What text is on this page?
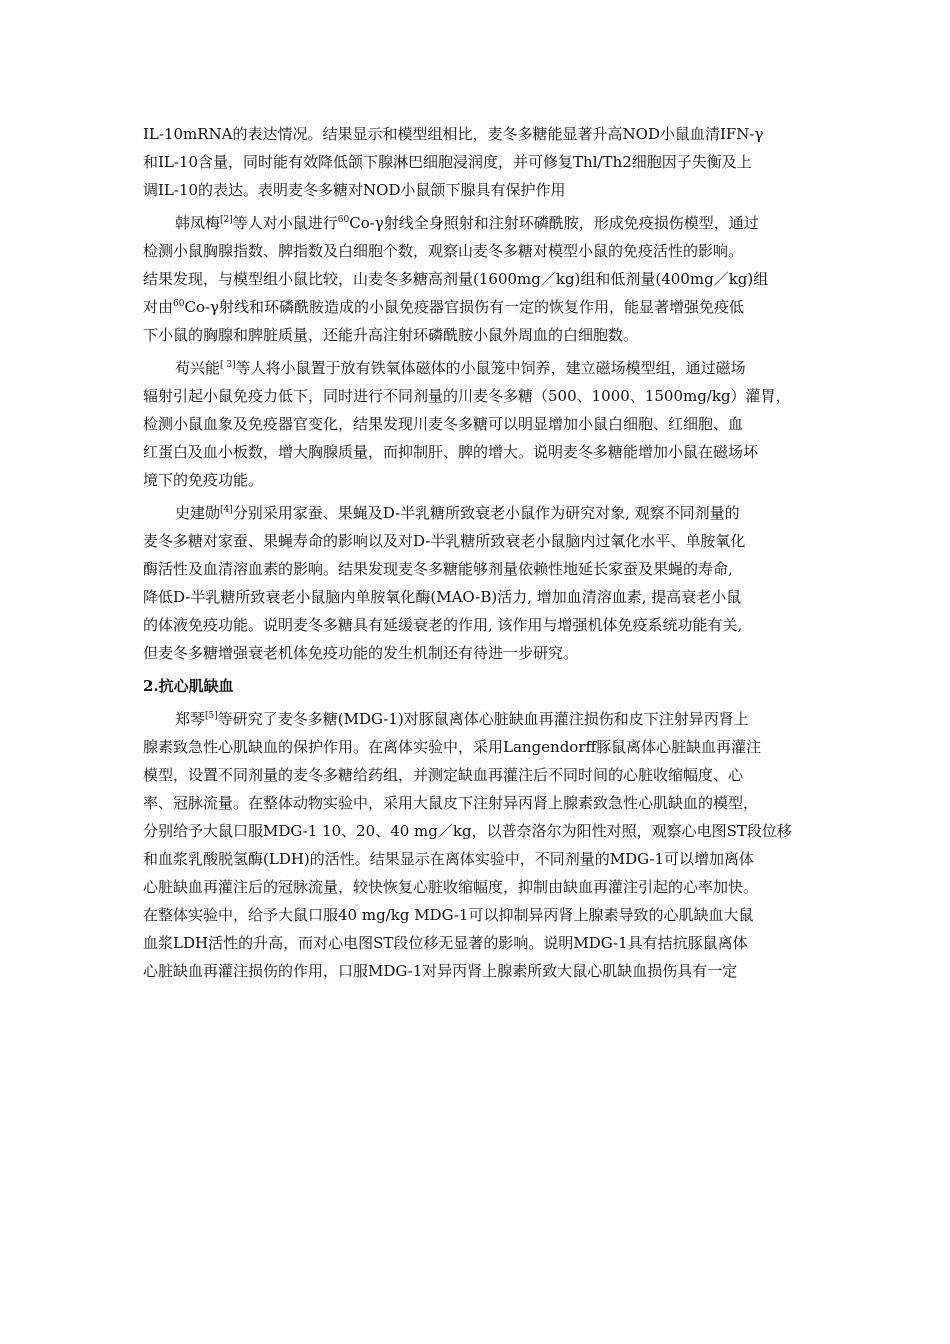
IL-10mRNA的表达情况。结果显示和模型组相比，麦冬多糖能显著升高NOD小鼠血清IFN-γ
和IL-10含量，同时能有效降低颌下腺淋巴细胞浸润度，并可修复Thl/Th2细胞因子失衡及上
调IL-10的表达。表明麦冬多糖对NOD小鼠颌下腺具有保护作用
韩凤梅[2]等人对小鼠进行$^{60}$Co-γ射线全身照射和注射环磷酰胺，形成免疫损伤模型，通过
检测小鼠胸腺指数、脾指数及白细胞个数，观察山麦冬多糖对模型小鼠的免疫活性的影响。
结果发现，与模型组小鼠比较，山麦冬多糖高剂量(1600mg／kg)组和低剂量(400mg／kg)组
对由$^{60}$Co-γ射线和环磷酰胺造成的小鼠免疫器官损伤有一定的恢复作用，能显著增强免疫低
下小鼠的胸腺和脾脏质量，还能升高注射环磷酰胺小鼠外周血的白细胞数。
苟兴能[ 3]等人将小鼠置于放有铁氧体磁体的小鼠笼中饲养，建立磁场模型组，通过磁场
辐射引起小鼠免疫力低下，同时进行不同剂量的川麦冬多糖（500、1000、1500mg/kg）灌胃，
检测小鼠血象及免疫器官变化，结果发现川麦冬多糖可以明显增加小鼠白细胞、红细胞、血
红蛋白及血小板数，增大胸腺质量，而抑制肝、脾的增大。说明麦冬多糖能增加小鼠在磁场坏
境下的免疫功能。
史建勋[4]分别采用家蚕、果蝇及D-半乳糖所致衰老小鼠作为研究对象, 观察不同剂量的
麦冬多糖对家蚕、果蝇寿命的影响以及对D-半乳糖所致衰老小鼠脑内过氧化水平、单胺氧化
酶活性及血清溶血素的影响。结果发现麦冬多糖能够剂量依赖性地延长家蚕及果蝇的寿命,
降低D-半乳糖所致衰老小鼠脑内单胺氧化酶(MAO-B)活力, 增加血清溶血素, 提高衰老小鼠
的体液免疫功能。说明麦冬多糖具有延缓衰老的作用, 该作用与增强机体免疫系统功能有关,
但麦冬多糖增强衰老机体免疫功能的发生机制还有待进一步研究。
2.抗心肌缺血
郑琴[5]等研究了麦冬多糖(MDG-1)对豚鼠离体心脏缺血再灌注损伤和皮下注射异丙肾上
腺素致急性心肌缺血的保护作用。在离体实验中，采用Langendorff豚鼠离体心脏缺血再灌注
模型，设置不同剂量的麦冬多糖给药组，并测定缺血再灌注后不同时间的心脏收缩幅度、心
率、冠脉流量。在整体动物实验中，采用大鼠皮下注射异丙肾上腺素致急性心肌缺血的模型，
分别给予大鼠口服MDG-1 10、20、40 mg／kg，以普奈洛尔为阳性对照，观察心电图ST段位移
和血浆乳酸脱氢酶(LDH)的活性。结果显示在离体实验中，不同剂量的MDG-1可以增加离体
心脏缺血再灌注后的冠脉流量，较快恢复心脏收缩幅度，抑制由缺血再灌注引起的心率加快。
在整体实验中，给予大鼠口服40 mg/kg MDG-1可以抑制异丙肾上腺素导致的心肌缺血大鼠
血浆LDH活性的升高，而对心电图ST段位移无显著的影响。说明MDG-1具有拮抗豚鼠离体
心脏缺血再灌注损伤的作用，口服MDG-1对异丙肾上腺素所致大鼠心肌缺血损伤具有一定
